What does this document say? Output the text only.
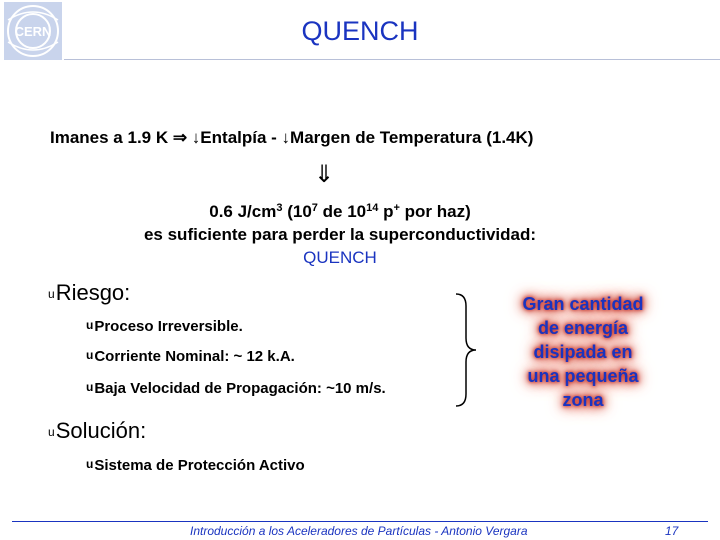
CERN	QUENCH
Imanes a 1.9 K ⇒ ↓Entalpía - ↓Margen de Temperatura (1.4K)
⇓
0.6 $J/cm^3$ ($10^7$ de $10^{14}$ p+ por haz)
es suficiente para perder la superconductividad:
QUENCH
uRiesgo:
uProceso Irreversible.
uCorriente Nominal: ~ 12 k.A.
uBaja Velocidad de Propagación: ~10 m/s.
Gran cantidad
de energía
disipada en
una pequeña
zona
uSolución:
uSistema de Protección Activo
Introducción a los Aceleradores de Partículas - Antonio Vergara	17
